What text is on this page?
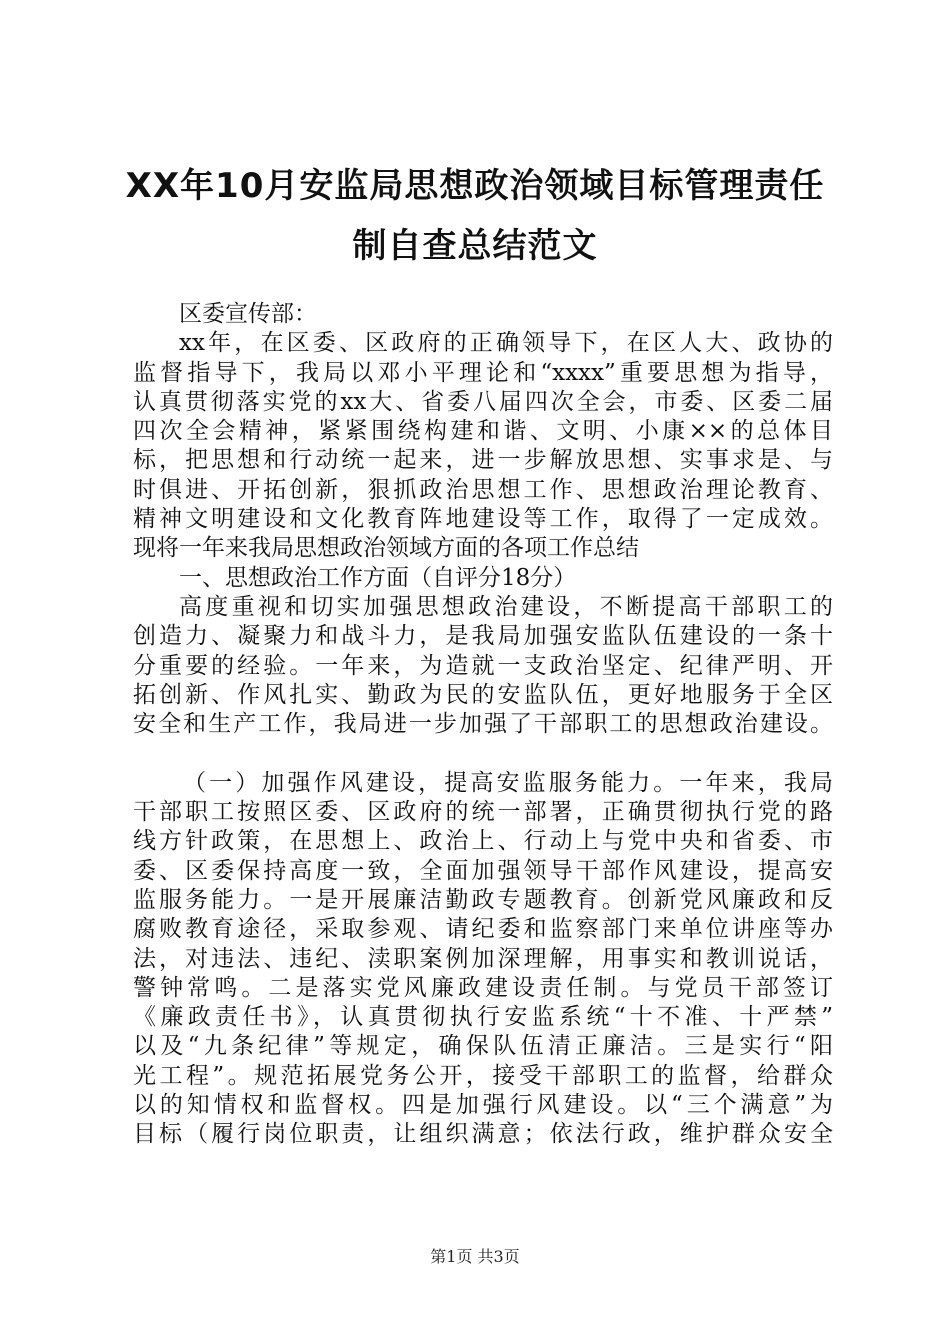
XX年10月安监局思想政治领域目标管理责任
制自查总结范文
区委宣传部：
xx年，在区委、区政府的正确领导下，在区人大、政协的
监督指导下，我局以邓小平理论和“xxxx”重要思想为指导，
认真贯彻落实党的xx大、省委八届四次全会，市委、区委二届
四次全会精神，紧紧围绕构建和谐、文明、小康××的总体目
标，把思想和行动统一起来，进一步解放思想、实事求是、与
时俱进、开拓创新，狠抓政治思想工作、思想政治理论教育、
精神文明建设和文化教育阵地建设等工作，取得了一定成效。
现将一年来我局思想政治领域方面的各项工作总结
一、思想政治工作方面（自评分18分）
高度重视和切实加强思想政治建设，不断提高干部职工的
创造力、凝聚力和战斗力，是我局加强安监队伍建设的一条十
分重要的经验。一年来，为造就一支政治坚定、纪律严明、开
拓创新、作风扎实、勤政为民的安监队伍，更好地服务于全区
安全和生产工作，我局进一步加强了干部职工的思想政治建设。
（一）加强作风建设，提高安监服务能力。一年来，我局
干部职工按照区委、区政府的统一部署，正确贯彻执行党的路
线方针政策，在思想上、政治上、行动上与党中央和省委、市
委、区委保持高度一致，全面加强领导干部作风建设，提高安
监服务能力。一是开展廉洁勤政专题教育。创新党风廉政和反
腐败教育途径，采取参观、请纪委和监察部门来单位讲座等办
法，对违法、违纪、渎职案例加深理解，用事实和教训说话，
警钟常鸣。二是落实党风廉政建设责任制。与党员干部签订
《廉政责任书》，认真贯彻执行安监系统“十不准、十严禁”
以及“九条纪律”等规定，确保队伍清正廉洁。三是实行“阳
光工程”。规范拓展党务公开，接受干部职工的监督，给群众
以的知情权和监督权。四是加强行风建设。以“三个满意”为
目标（履行岗位职责，让组织满意；依法行政，维护群众安全
第1页 共3页
